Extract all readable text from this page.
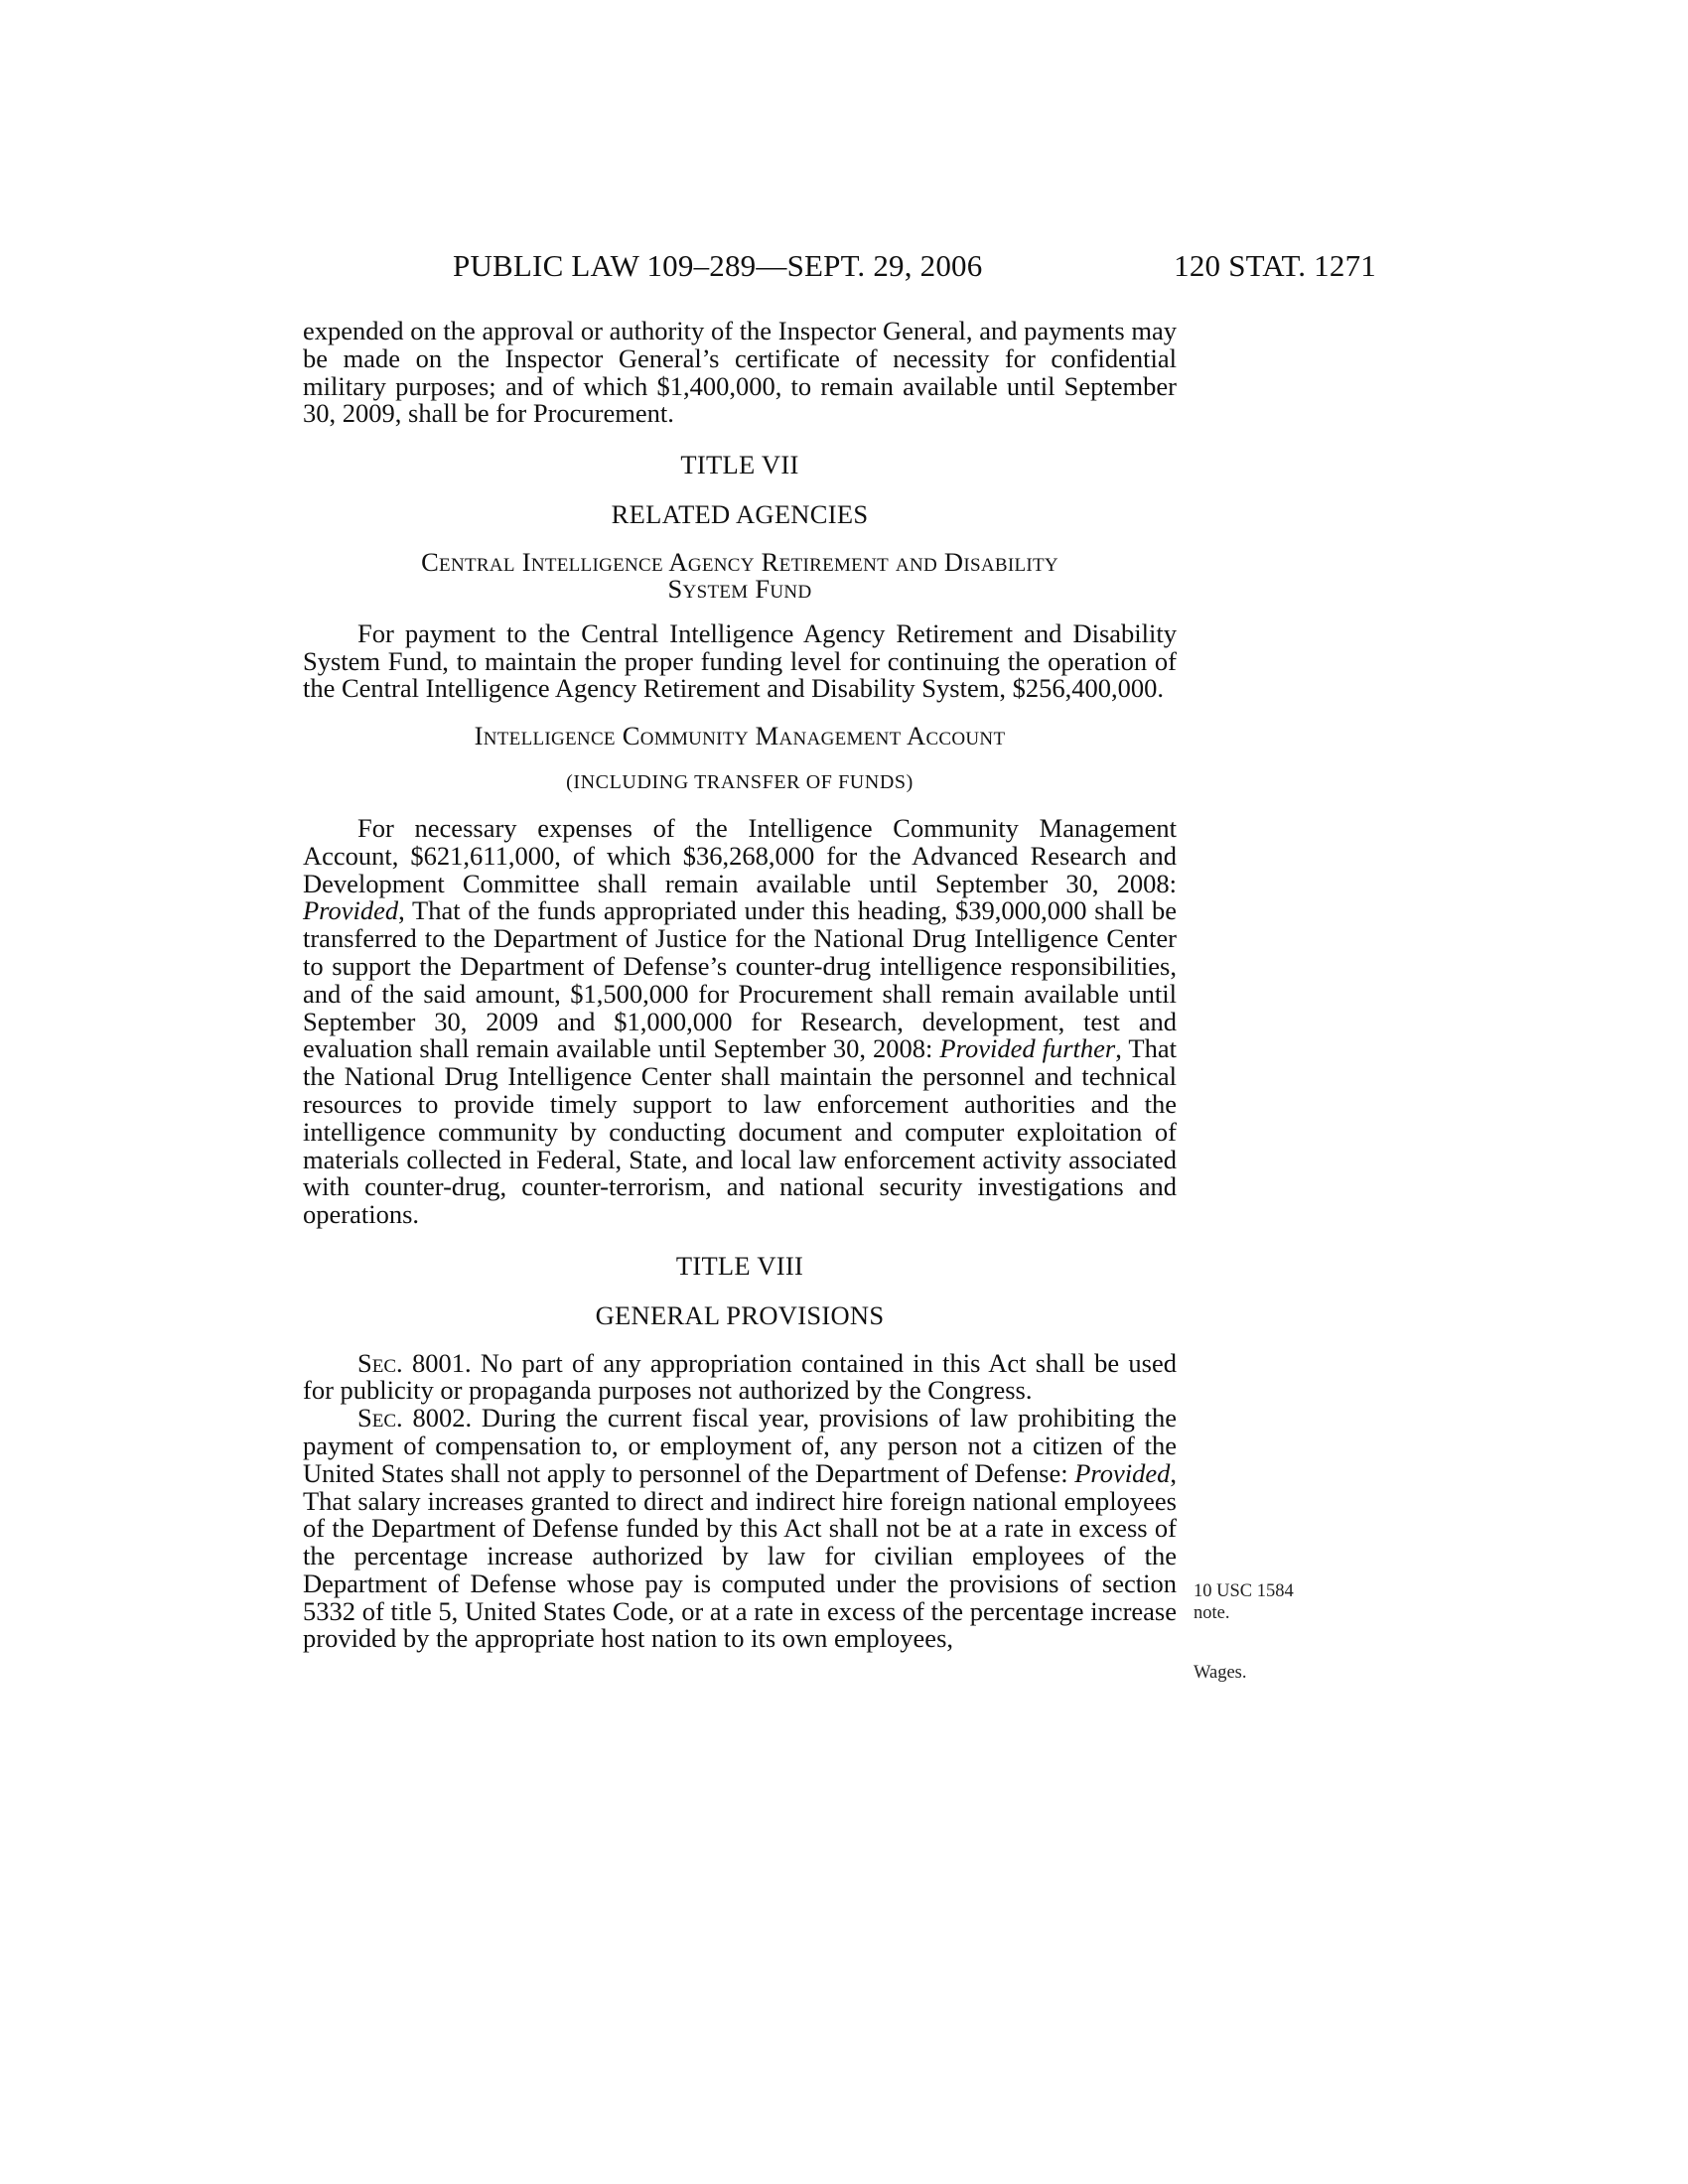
PUBLIC LAW 109–289—SEPT. 29, 2006	120 STAT. 1271

expended on the approval or authority of the Inspector General, and payments may be made on the Inspector General’s certificate of necessity for confidential military purposes; and of which $1,400,000, to remain available until September 30, 2009, shall be for Procurement.

TITLE VII
RELATED AGENCIES
Central Intelligence Agency Retirement and Disability
System Fund

For payment to the Central Intelligence Agency Retirement and Disability System Fund, to maintain the proper funding level for continuing the operation of the Central Intelligence Agency Retirement and Disability System, $256,400,000.

Intelligence Community Management Account
(INCLUDING TRANSFER OF FUNDS)

For necessary expenses of the Intelligence Community Management Account, $621,611,000, of which $36,268,000 for the Advanced Research and Development Committee shall remain available until September 30, 2008: Provided, That of the funds appropriated under this heading, $39,000,000 shall be transferred to the Department of Justice for the National Drug Intelligence Center to support the Department of Defense’s counter-drug intelligence responsibilities, and of the said amount, $1,500,000 for Procurement shall remain available until September 30, 2009 and $1,000,000 for Research, development, test and evaluation shall remain available until September 30, 2008: Provided further, That the National Drug Intelligence Center shall maintain the personnel and technical resources to provide timely support to law enforcement authorities and the intelligence community by conducting document and computer exploitation of materials collected in Federal, State, and local law enforcement activity associated with counter-drug, counter-terrorism, and national security investigations and operations.

TITLE VIII
GENERAL PROVISIONS

Sec. 8001. No part of any appropriation contained in this Act shall be used for publicity or propaganda purposes not authorized by the Congress.

Sec. 8002. During the current fiscal year, provisions of law prohibiting the payment of compensation to, or employment of, any person not a citizen of the United States shall not apply to personnel of the Department of Defense: Provided, That salary increases granted to direct and indirect hire foreign national employees of the Department of Defense funded by this Act shall not be at a rate in excess of the percentage increase authorized by law for civilian employees of the Department of Defense whose pay is computed under the provisions of section 5332 of title 5, United States Code, or at a rate in excess of the percentage increase provided by the appropriate host nation to its own employees,

10 USC 1584 note.
Wages.
